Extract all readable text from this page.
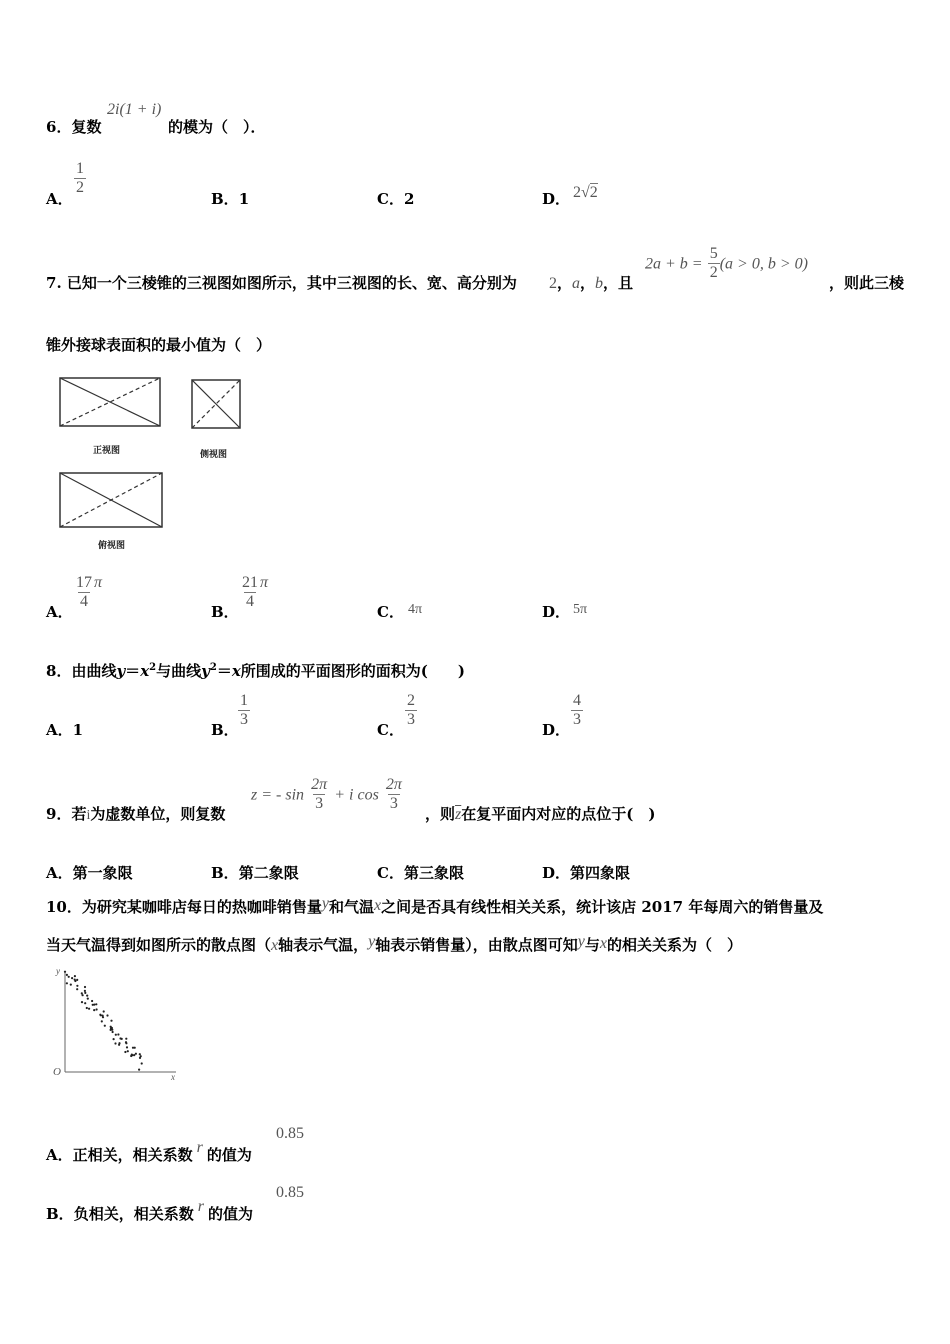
6．复数
2i(1 + i)
的模为（　）．
A．
$\frac{1}{2}$
B．1	C．2	D． 2√2
7. 已知一个三棱锥的三视图如图所示，其中三视图的长、宽、高分别为 2，a，b，且
$2a + b = \frac{5}{2} (a > 0$, b > 0)
，则此三棱
锥外接球表面积的最小值为（　）
正视图	侧视图
俯视图
A．
$\frac{17}{4}$ π
B．
$\frac{21}{4}$ π
C． 4π	D． 5π
8．由曲线$y=x^2$与曲线$y^2=x$所围成的平面图形的面积为(　　)
A．1	B．
$\frac{1}{3}$
C．
$\frac{2}{3}$
D．
$\frac{4}{3}$
9．若i为虚数单位，则复数
z = - $\sin \frac{2\pi}{3} + i$ $\cos \frac{2\pi}{3}$
，则$\overline{z}$在复平面内对应的点位于(　)
A．第一象限	B．第二象限	C．第三象限	D．第四象限
10．为研究某咖啡店每日的热咖啡销售量y和气温x之间是否具有线性相关关系，统计该店 2017 年每周六的销售量及
当天气温得到如图所示的散点图（x轴表示气温，y轴表示销售量），由散点图可知y与x的相关关系为（　）
O	x
y
A．正相关，相关系数 r 的值为
0.85
B．负相关，相关系数 r 的值为
0.85
